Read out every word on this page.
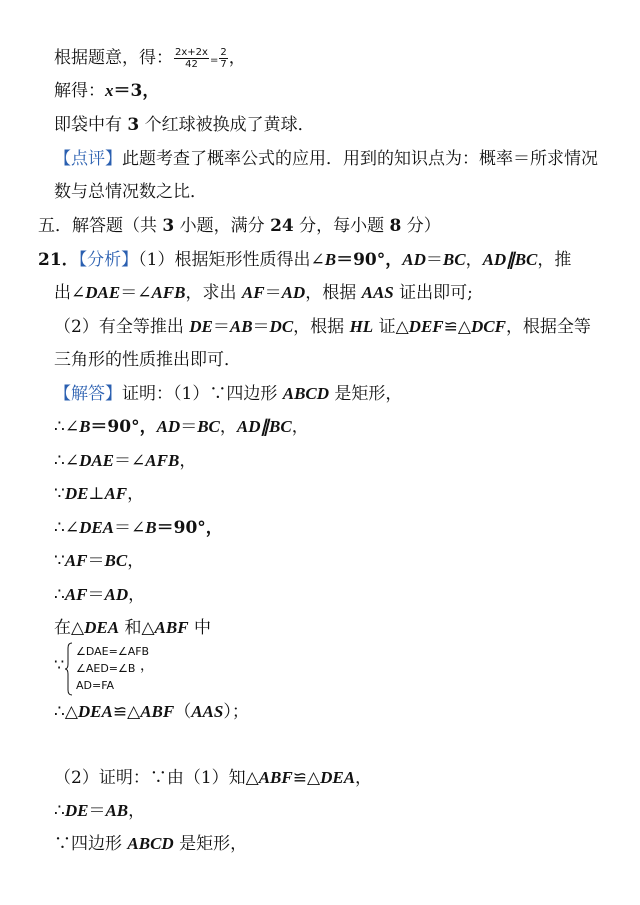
根据题意，得： $\frac{2x+2x}{42} = \frac{2}{7}$ ，
解得：x＝3，
即袋中有 3 个红球被换成了黄球．
【点评】此题考查了概率公式的应用．用到的知识点为：概率＝所求情况
数与总情况数之比．
五．解答题（共 3 小题，满分 24 分，每小题 8 分）
21．【分析】（1）根据矩形性质得出∠B＝90°，AD＝BC，AD∥BC，推
出∠DAE＝∠AFB，求出 AF＝AD，根据 AAS 证出即可;
（2）有全等推出 DE＝AB＝DC，根据 HL 证△DEF≌△DCF，根据全等
三角形的性质推出即可．
【解答】证明：（1）∵四边形 ABCD 是矩形，
∴∠B＝90°，AD＝BC，AD∥BC，
∴∠DAE＝∠AFB，
∵DE⊥AF，
∴∠DEA＝∠B＝90°，
∵AF＝BC，
∴AF＝AD，
在△DEA 和△ABF 中
∵
∠DAE=∠AFB
∠AED=∠B
AD=FA
，
∴△DEA≌△ABF（AAS）；
（2）证明：∵由（1）知△ABF≌△DEA，
∴DE＝AB，
∵四边形 ABCD 是矩形，
